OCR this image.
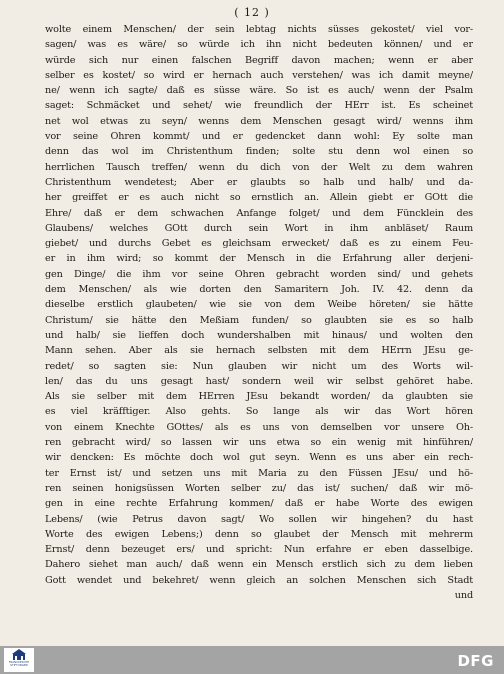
( 12 )
wolte einem Menschen/ der sein lebtag nichts süsses gekostet/ viel vor-
sagen/ was es wäre/ so würde ich ihn nicht bedeuten können/ und er
würde sich nur einen falschen Begriff davon machen; wenn er aber
selber es kostet/ so wird er hernach auch verstehen/ was ich damit meyne/
ne/ wenn ich sagte/ daß es süsse wäre. So ist es auch/ wenn der Psalm
saget: Schmäcket und sehet/ wie freundlich der HErr ist. Es scheinet
net wol etwas zu seyn/ wenns dem Menschen gesagt wird/ wenns ihm
vor seine Ohren kommt/ und er gedencket dann wohl: Ey solte man
denn das wol im Christenthum finden; solte stu denn wol einen so
herrlichen Tausch treffen/ wenn du dich von der Welt zu dem wahren
Christenthum wendetest; Aber er glaubts so halb und halb/ und da-
her greiffet er es auch nicht so ernstlich an. Allein giebt er GOtt die
Ehre/ daß er dem schwachen Anfange folget/ und dem Füncklein des
Glaubens/ welches GOtt durch sein Wort in ihm anbläset/ Raum
giebet/ und durchs Gebet es gleichsam erwecket/ daß es zu einem Feu-
er in ihm wird; so kommt der Mensch in die Erfahrung aller derjeni-
gen Dinge/ die ihm vor seine Ohren gebracht worden sind/ und gehets
dem Menschen/ als wie dorten den Samaritern Joh. IV. 42. denn da
dieselbe erstlich glaubeten/ wie sie von dem Weibe höreten/ sie hätte
Christum/ sie hätte den Meßiam funden/ so glaubten sie es so halb
und halb/ sie lieffen doch wundershalben mit hinaus/ und wolten den
Mann sehen. Aber als sie hernach selbsten mit dem HErrn JEsu ge-
redet/ so sagten sie: Nun glauben wir nicht um des Worts wil-
len/ das du uns gesagt hast/ sondern weil wir selbst gehöret habe.
Als sie selber mit dem HErren JEsu bekandt worden/ da glaubten sie
es viel kräfftiger. Also gehts. So lange als wir das Wort hören
von einem Knechte GOttes/ als es uns von demselben vor unsere Oh-
ren gebracht wird/ so lassen wir uns etwa so ein wenig mit hinführen/
wir dencken: Es möchte doch wol gut seyn. Wenn es uns aber ein rech-
ter Ernst ist/ und setzen uns mit Maria zu den Füssen JEsu/ und hö-
ren seinen honigsüssen Worten selber zu/ das ist/ suchen/ daß wir mö-
gen in eine rechte Erfahrung kommen/ daß er habe Worte des ewigen
Lebens/ (wie Petrus davon sagt/ Wo sollen wir hingehen? du hast
Worte des ewigen Lebens;) denn so glaubet der Mensch mit mehrerm
Ernst/ denn bezeuget ers/ und spricht: Nun erfahre er eben dasselbige.
Dahero siehet man auch/ daß wenn ein Mensch erstlich sich zu dem lieben
Gott wendet und bekehret/ wenn gleich an solchen Menschen sich Stadt
und
FRANCKESCHE
STIFTUNGEN	DFG
